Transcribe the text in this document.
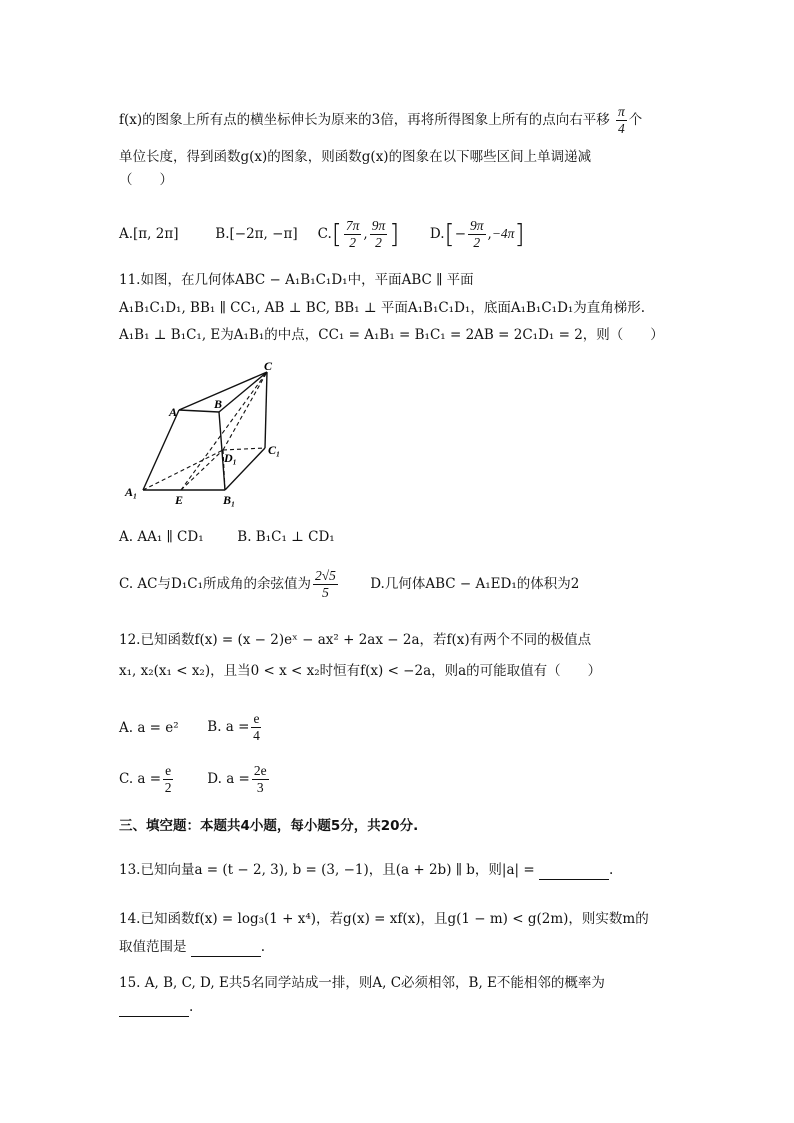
f(x)的图象上所有点的横坐标伸长为原来的3倍，再将所得图象上所有的点向右平移 $\frac{\pi}{4}$ 个
单位长度，得到函数g(x)的图象，则函数g(x)的图象在以下哪些区间上单调递减
（　　）
A.[π, 2π]	B.[−2π, −π] $C.[ \frac{7\pi}{2}$ , $\frac{9\pi}{2}$ ] $D.[- \frac{9\pi}{2} ,-4\pi]$
11.如图，在几何体ABC − A₁B₁C₁D₁中，平面ABC ∥ 平面
A₁B₁C₁D₁, BB₁ ∥ CC₁, AB ⊥ BC, BB₁ ⊥ 平面A₁B₁C₁D₁，底面A₁B₁C₁D₁为直角梯形.
A₁B₁ ⊥ B₁C₁, E为A₁B₁的中点，CC₁ = A₁B₁ = B₁C₁ = 2AB = 2C₁D₁ = 2，则（　　）
A
B
C
D₁
C₁
A₁
E	B₁
A. AA₁ ∥ CD₁ B. B₁C₁ ⊥ CD₁
C. AC与D₁C₁所成角的余弦值为 $\frac{2√5}{5} D$.几何体ABC − A₁ED₁的体积为2
12.已知函数f(x) = (x − 2)eˣ − ax² + 2ax − 2a，若f(x)有两个不同的极值点
x₁, x₂(x₁ < x₂)，且当0 < x < x₂时恒有f(x) < −2a，则a的可能取值有（　　）
A. a = e² B. $a = \frac{e}{4}$
C. $a = \frac{e}{2}$	D. $a = \frac{2e}{3}$
三、填空题：本题共4小题，每小题5分，共20分.
13.已知向量a = (t − 2, 3), b = (3, −1)，且(a + 2b) ∥ b，则|a| =	.
14.已知函数f(x) = log₃(1 + x⁴)，若g(x) = xf(x)，且g(1 − m) < g(2m)，则实数m的
取值范围是	.
15. A, B, C, D, E共5名同学站成一排，则A, C必须相邻，B, E不能相邻的概率为
.
